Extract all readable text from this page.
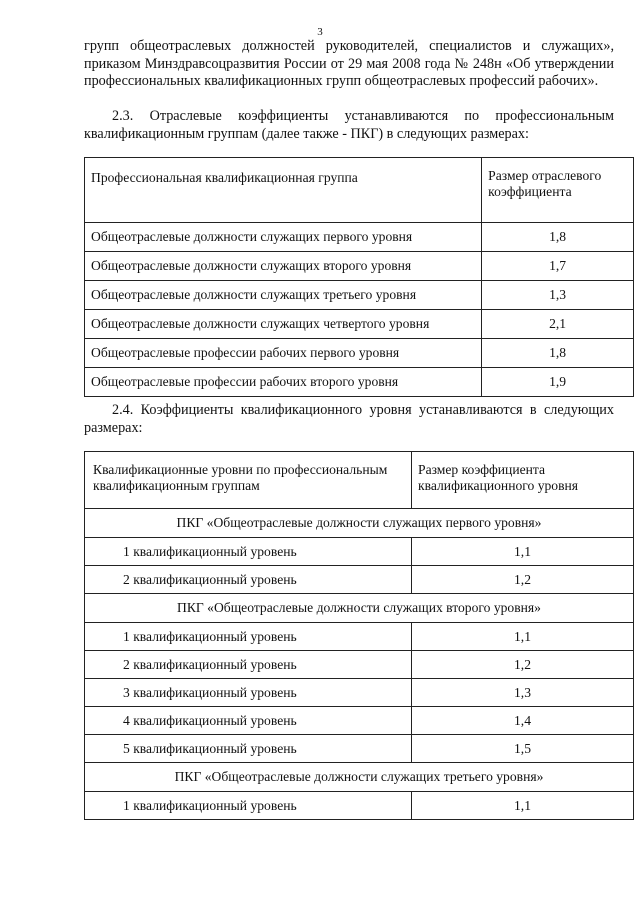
3

групп общеотраслевых должностей руководителей, специалистов и служащих», приказом Минздравсоцразвития России от 29 мая 2008 года № 248н «Об утверждении профессиональных квалификационных групп общеотраслевых профессий рабочих».

2.3. Отраслевые коэффициенты устанавливаются по профессиональным квалификационным группам (далее также - ПКГ) в следующих размерах:

Профессиональная квалификационная группа	Размер отраслевого коэффициента
Общеотраслевые должности служащих первого уровня	1,8
Общеотраслевые должности служащих второго уровня	1,7
Общеотраслевые должности служащих третьего уровня	1,3
Общеотраслевые должности служащих четвертого уровня	2,1
Общеотраслевые профессии рабочих первого уровня	1,8
Общеотраслевые профессии рабочих второго уровня	1,9

2.4. Коэффициенты квалификационного уровня устанавливаются в следующих размерах:

Квалификационные уровни по профессиональным квалификационным группам	Размер коэффициента квалификационного уровня
ПКГ «Общеотраслевые должности служащих первого уровня»	
1 квалификационный уровень	1,1
2 квалификационный уровень	1,2
ПКГ «Общеотраслевые должности служащих второго уровня»	
1 квалификационный уровень	1,1
2 квалификационный уровень	1,2
3 квалификационный уровень	1,3
4 квалификационный уровень	1,4
5 квалификационный уровень	1,5
ПКГ «Общеотраслевые должности служащих третьего уровня»	
1 квалификационный уровень	1,1
